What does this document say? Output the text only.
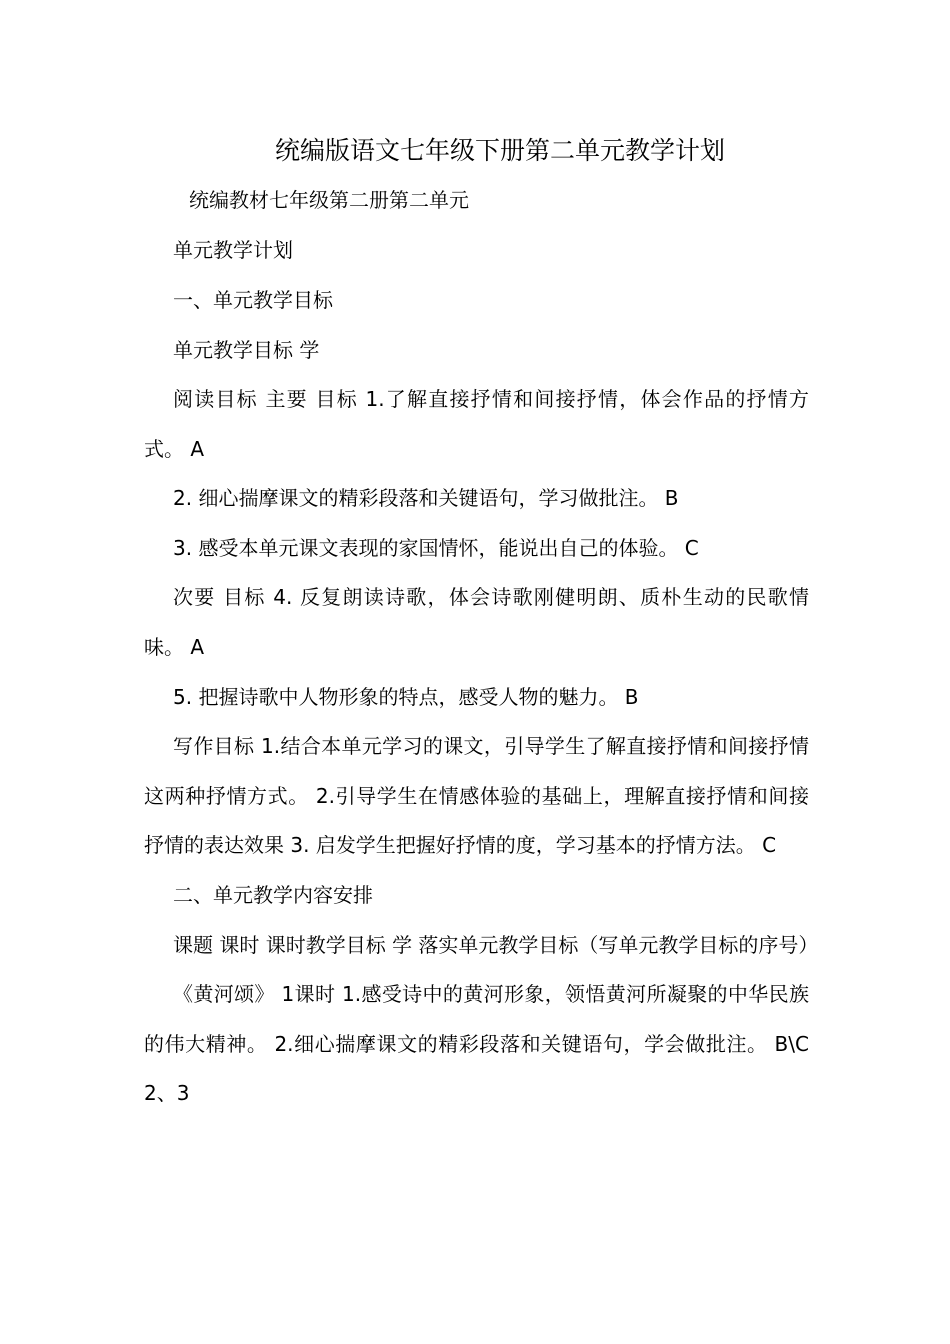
统编版语文七年级下册第二单元教学计划
统编教材七年级第二册第二单元
单元教学计划
一、单元教学目标
单元教学目标 学

阅读目标 主要 目标 1.了解直接抒情和间接抒情，体会作品的抒情方式。 A

2. 细心揣摩课文的精彩段落和关键语句，学习做批注。 B

3. 感受本单元课文表现的家国情怀，能说出自己的体验。 C

次要 目标 4. 反复朗读诗歌，体会诗歌刚健明朗、质朴生动的民歌情味。 A

5. 把握诗歌中人物形象的特点，感受人物的魅力。 B

写作目标 1.结合本单元学习的课文，引导学生了解直接抒情和间接抒情这两种抒情方式。 2.引导学生在情感体验的基础上，理解直接抒情和间接抒情的表达效果 3. 启发学生把握好抒情的度，学习基本的抒情方法。 C

二、单元教学内容安排

课题 课时 课时教学目标 学 落实单元教学目标（写单元教学目标的序号）

《黄河颂》 1课时 1.感受诗中的黄河形象，领悟黄河所凝聚的中华民族的伟大精神。 2.细心揣摩课文的精彩段落和关键语句，学会做批注。 B\C 2、3
